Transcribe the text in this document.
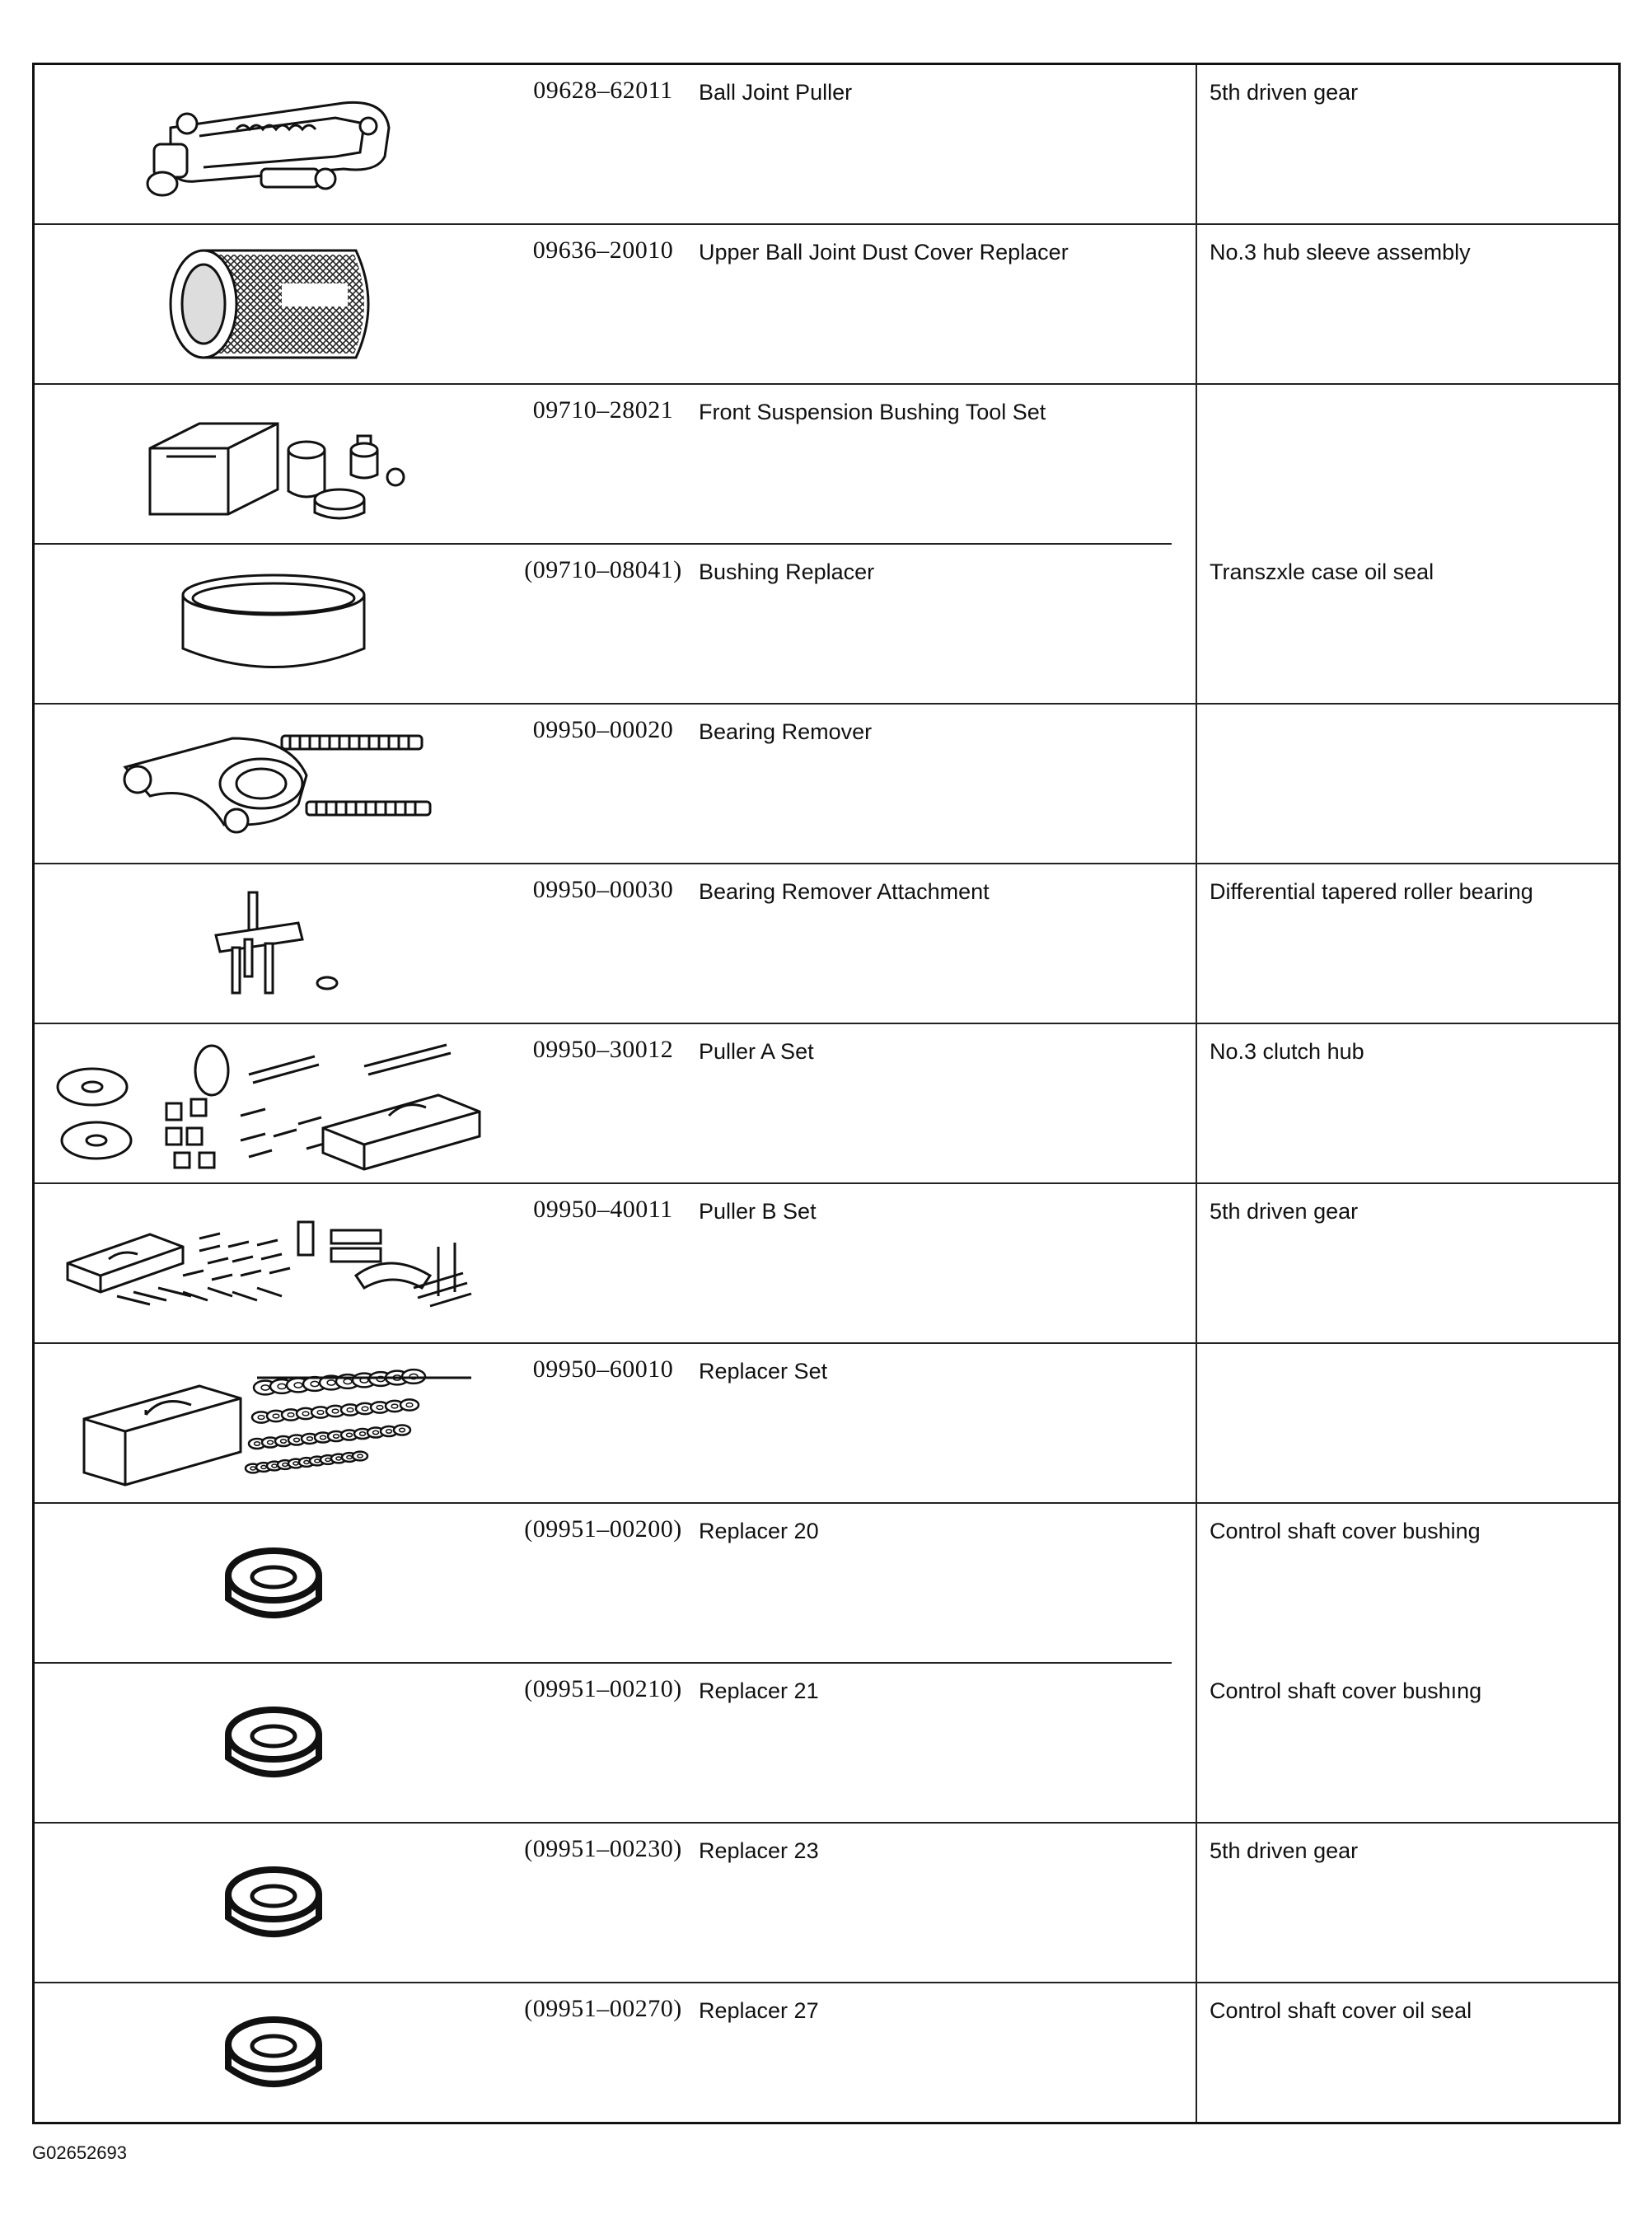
09628–62011	Ball Joint Puller	5th driven gear
09636–20010	Upper Ball Joint Dust Cover Replacer	No.3 hub sleeve assembly
09710–28021	Front Suspension Bushing Tool Set
(09710–08041) Bushing Replacer	Transzxle case oil seal
09950–00020	Bearing Remover
09950–00030	Bearing Remover Attachment	Differential tapered roller bearing
09950–30012	Puller A Set	No.3 clutch hub
09950–40011	Puller B Set	5th driven gear
09950–60010	Replacer Set
(09951–00200) Replacer 20	Control shaft cover bushing
(09951–00210) Replacer 21	Control shaft cover bushıng
(09951–00230) Replacer 23	5th driven gear
(09951–00270) Replacer 27	Control shaft cover oil seal
G02652693
